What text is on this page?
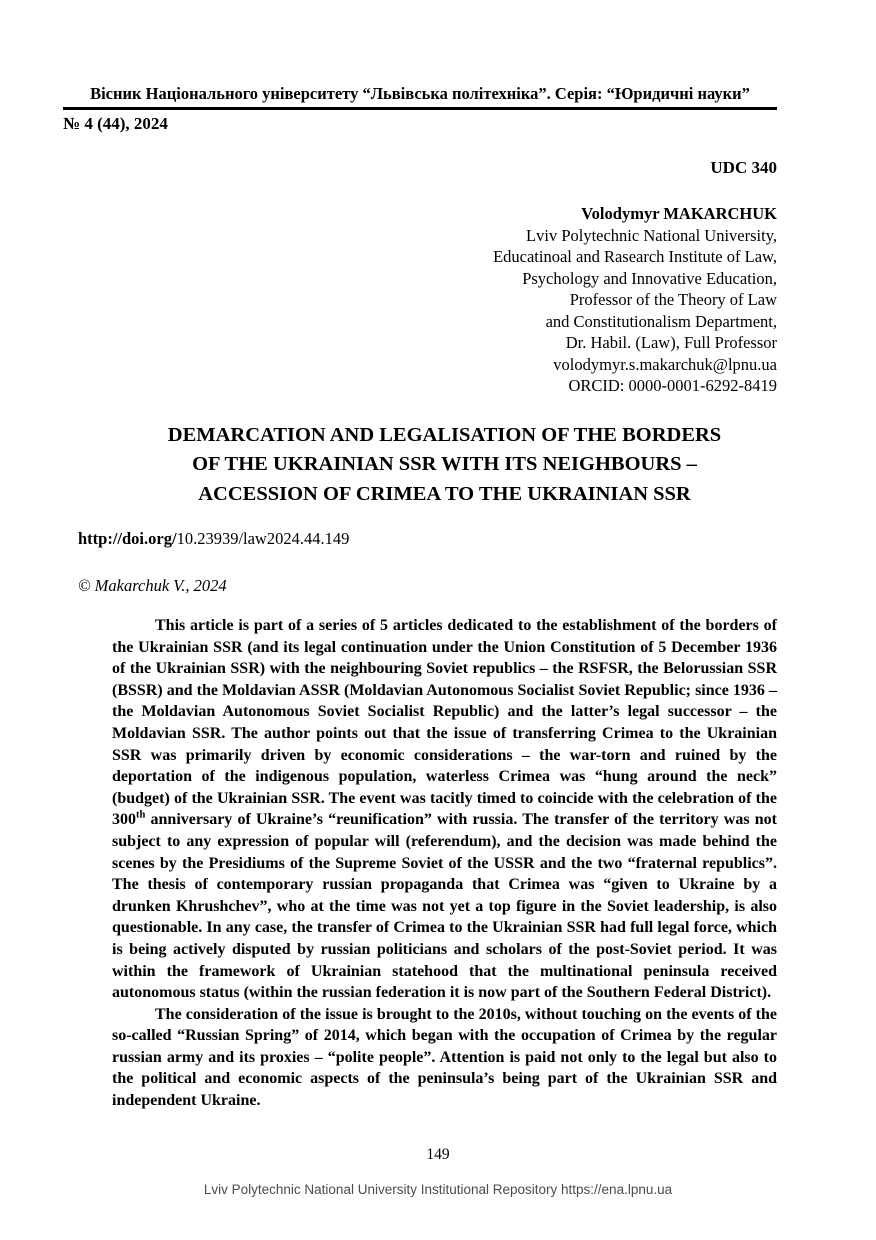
Вісник Національного університету “Львівська політехніка”. Серія: “Юридичні науки”
№ 4 (44), 2024
UDC 340
Volodymyr MAKARCHUK
Lviv Polytechnic National University,
Educatinoal and Rasearch Institute of Law,
Psychology and Innovative Education,
Professor of the Theory of Law
and Constitutionalism Department,
Dr. Habil. (Law), Full Professor
volodymyr.s.makarchuk@lpnu.ua
ORCID: 0000-0001-6292-8419
DEMARCATION AND LEGALISATION OF THE BORDERS
OF THE UKRAINIAN SSR WITH ITS NEIGHBOURS –
ACCESSION OF CRIMEA TO THE UKRAINIAN SSR
http://doi.org/10.23939/law2024.44.149
© Makarchuk V., 2024

This article is part of a series of 5 articles dedicated to the establishment of the borders of the Ukrainian SSR (and its legal continuation under the Union Constitution of 5 December 1936 of the Ukrainian SSR) with the neighbouring Soviet republics – the RSFSR, the Belorussian SSR (BSSR) and the Moldavian ASSR (Moldavian Autonomous Socialist Soviet Republic; since 1936 – the Moldavian Autonomous Soviet Socialist Republic) and the latter’s legal successor – the Moldavian SSR. The author points out that the issue of transferring Crimea to the Ukrainian SSR was primarily driven by economic considerations – the war-torn and ruined by the deportation of the indigenous population, waterless Crimea was “hung around the neck” (budget) of the Ukrainian SSR. The event was tacitly timed to coincide with the celebration of the 300th anniversary of Ukraine’s “reunification” with russia. The transfer of the territory was not subject to any expression of popular will (referendum), and the decision was made behind the scenes by the Presidiums of the Supreme Soviet of the USSR and the two “fraternal republics”. The thesis of contemporary russian propaganda that Crimea was “given to Ukraine by a drunken Khrushchev”, who at the time was not yet a top figure in the Soviet leadership, is also questionable. In any case, the transfer of Crimea to the Ukrainian SSR had full legal force, which is being actively disputed by russian politicians and scholars of the post-Soviet period. It was within the framework of Ukrainian statehood that the multinational peninsula received autonomous status (within the russian federation it is now part of the Southern Federal District).

The consideration of the issue is brought to the 2010s, without touching on the events of the so-called “Russian Spring” of 2014, which began with the occupation of Crimea by the regular russian army and its proxies – “polite people”. Attention is paid not only to the legal but also to the political and economic aspects of the peninsula’s being part of the Ukrainian SSR and independent Ukraine.

149
Lviv Polytechnic National University Institutional Repository https://ena.lpnu.ua
